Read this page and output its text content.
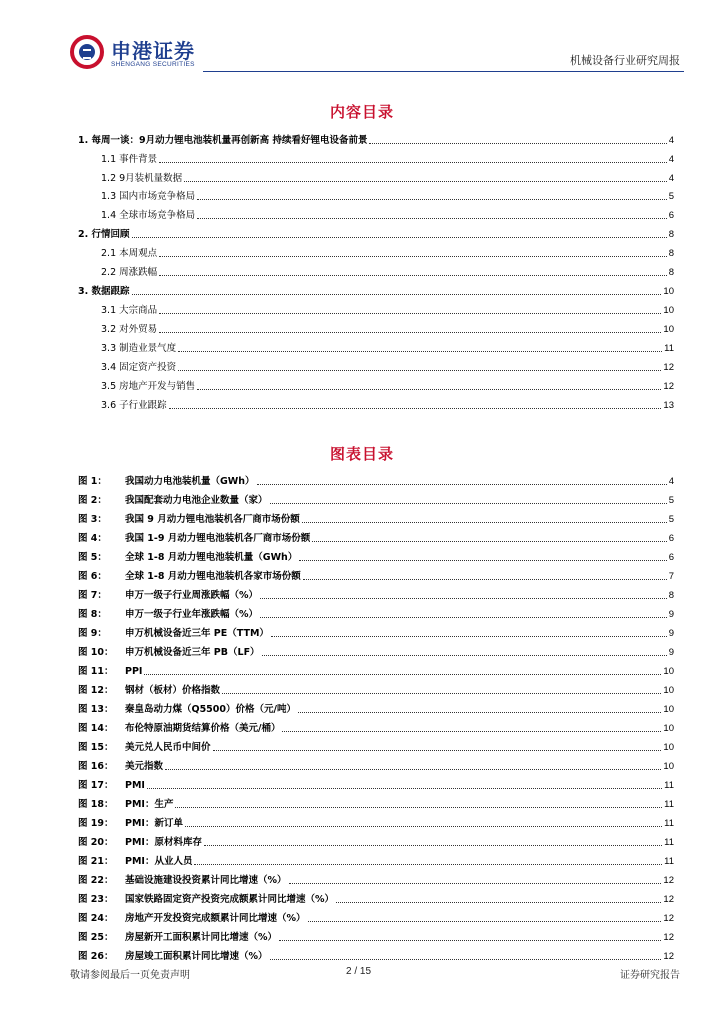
申港证券
SHENGANG SECURITIES	机械设备行业研究周报
内容目录
1. 每周一谈：9月动力锂电池装机量再创新高 持续看好锂电设备前景	4
1.1 事件背景	4
1.2 9月装机量数据	4
1.3 国内市场竞争格局	5
1.4 全球市场竞争格局	6
2. 行情回顾	8
2.1 本周观点	8
2.2 周涨跌幅	8
3. 数据跟踪	10
3.1 大宗商品	10
3.2 对外贸易	10
3.3 制造业景气度	11
3.4 固定资产投资	12
3.5 房地产开发与销售	12
3.6 子行业跟踪	13
图表目录
图 1： 我国动力电池装机量（GWh）	4
图 2： 我国配套动力电池企业数量（家）	5
图 3： 我国 9 月动力锂电池装机各厂商市场份额	5
图 4： 我国 1-9 月动力锂电池装机各厂商市场份额	6
图 5： 全球 1-8 月动力锂电池装机量（GWh）	6
图 6： 全球 1-8 月动力锂电池装机各家市场份额	7
图 7： 申万一级子行业周涨跌幅（%）	8
图 8： 申万一级子行业年涨跌幅（%）	9
图 9： 申万机械设备近三年 PE（TTM）	9
图 10： 申万机械设备近三年 PB（LF）	9
图 11： PPI	10
图 12： 钢材（板材）价格指数	10
图 13： 秦皇岛动力煤（Q5500）价格（元/吨）	10
图 14： 布伦特原油期货结算价格（美元/桶）	10
图 15： 美元兑人民币中间价	10
图 16： 美元指数	10
图 17： PMI	11
图 18： PMI：生产	11
图 19： PMI：新订单	11
图 20： PMI：原材料库存	11
图 21： PMI：从业人员	11
图 22： 基础设施建设投资累计同比增速（%）	12
图 23： 国家铁路固定资产投资完成额累计同比增速（%）	12
图 24： 房地产开发投资完成额累计同比增速（%）	12
图 25： 房屋新开工面积累计同比增速（%）	12
图 26： 房屋竣工面积累计同比增速（%）	12
敬请参阅最后一页免责声明	2 / 15	证券研究报告
